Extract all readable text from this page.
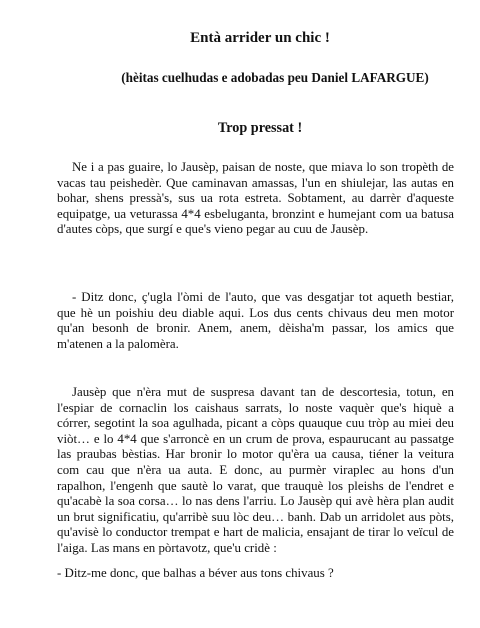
Entà arrider un chic !
(hèitas cuelhudas e adobadas peu Daniel LAFARGUE)
Trop pressat !

Ne i a pas guaire, lo Jausèp, paisan de noste, que miava lo son tropèth de vacas tau peishedèr. Que caminavan amassas, l'un en shiulejar, las autas en bohar, shens pressà's, sus ua rota estreta. Sobtament, au darrèr d'aqueste equipatge, ua veturassa 4*4 esbeluganta, bronzint e humejant com ua batusa d'autes còps, que surgí e que's vieno pegar au cuu de Jausèp.

- Ditz donc, ç'ugla l'òmi de l'auto, que vas desgatjar tot aqueth bestiar, que hè un poishiu deu diable aqui. Los dus cents chivaus deu men motor qu'an besonh de bronir. Anem, anem, dèisha'm passar, los amics que m'atenen a la palomèra.

Jausèp que n'èra mut de suspresa davant tan de descortesia, totun, en l'espiar de cornaclin los caishaus sarrats, lo noste vaquèr que's hiquè a córrer, segotint la soa agulhada, picant a còps quauque cuu tròp au miei deu viòt… e lo 4*4 que s'arroncè en un crum de prova, espaurucant au passatge las praubas bèstias. Har bronir lo motor qu'èra ua causa, tiéner la veitura com cau que n'èra ua auta. E donc, au purmèr viraplec au hons d'un rapalhon, l'engenh que sautè lo varat, que trauquè los pleishs de l'endret e qu'acabè la soa corsa… lo nas dens l'arriu. Lo Jausèp qui avè hèra plan audit un brut significatiu, qu'arribè suu lòc deu… banh. Dab un arridolet aus pòts, qu'avisè lo conductor trempat e hart de malicia, ensajant de tirar lo veïcul de l'aiga. Las mans en pòrtavotz, que'u cridè :

- Ditz-me donc, que balhas a béver aus tons chivaus ?
